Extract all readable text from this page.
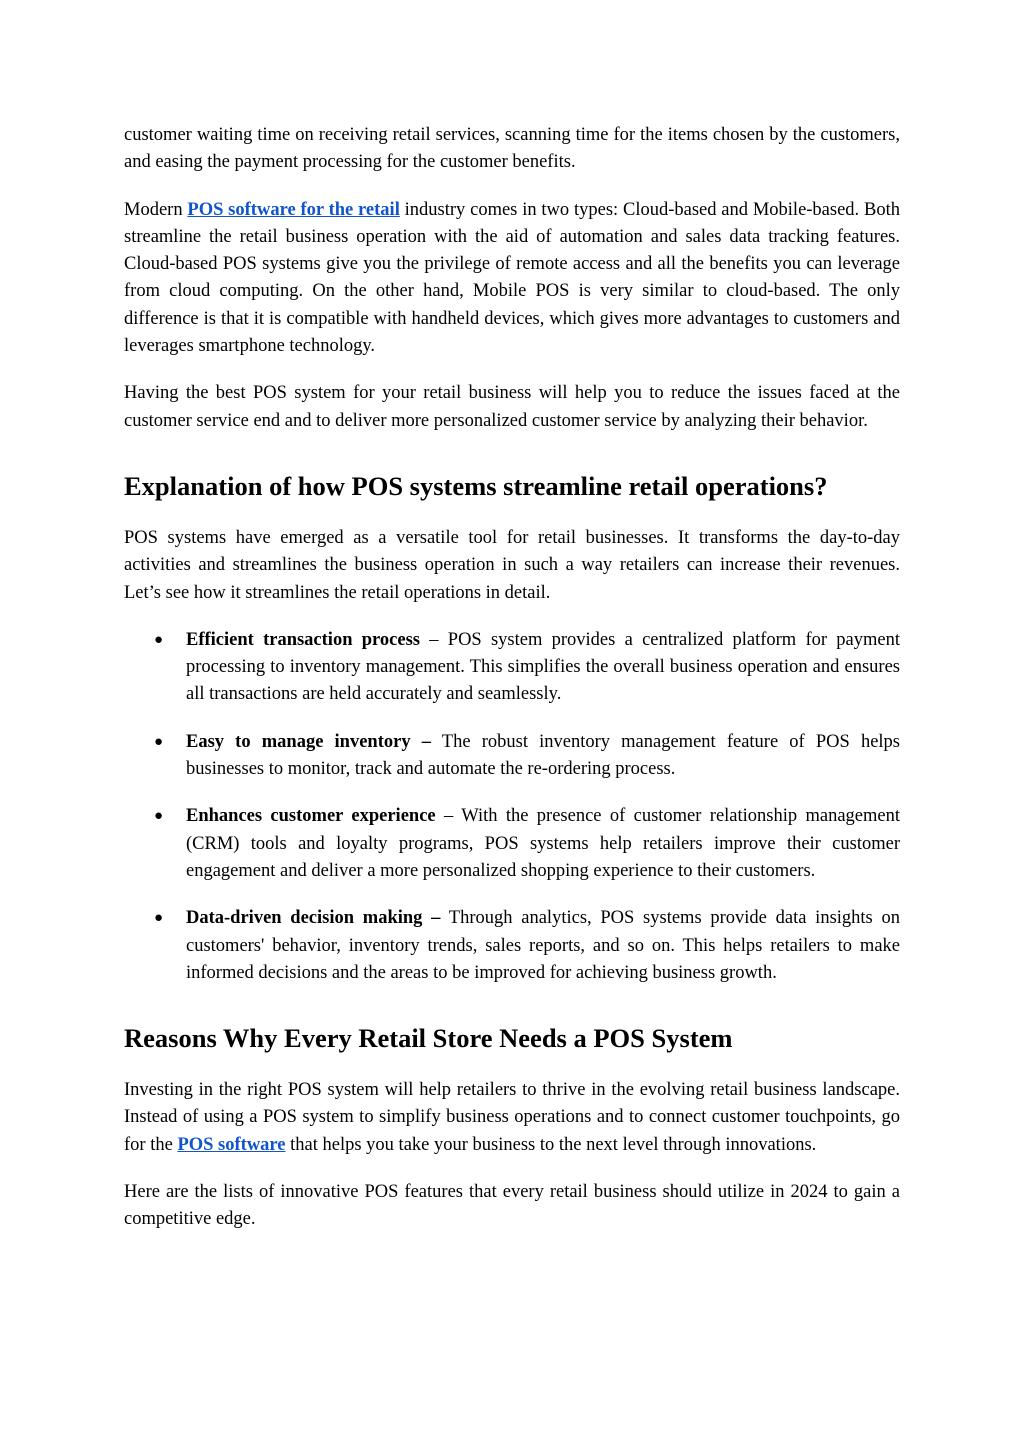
customer waiting time on receiving retail services, scanning time for the items chosen by the customers, and easing the payment processing for the customer benefits.

Modern POS software for the retail industry comes in two types: Cloud-based and Mobile-based. Both streamline the retail business operation with the aid of automation and sales data tracking features. Cloud-based POS systems give you the privilege of remote access and all the benefits you can leverage from cloud computing. On the other hand, Mobile POS is very similar to cloud-based. The only difference is that it is compatible with handheld devices, which gives more advantages to customers and leverages smartphone technology.

Having the best POS system for your retail business will help you to reduce the issues faced at the customer service end and to deliver more personalized customer service by analyzing their behavior.

Explanation of how POS systems streamline retail operations?

POS systems have emerged as a versatile tool for retail businesses. It transforms the day-to-day activities and streamlines the business operation in such a way retailers can increase their revenues. Let’s see how it streamlines the retail operations in detail.

● Efficient transaction process – POS system provides a centralized platform for payment processing to inventory management. This simplifies the overall business operation and ensures all transactions are held accurately and seamlessly.
● Easy to manage inventory – The robust inventory management feature of POS helps businesses to monitor, track and automate the re-ordering process.
● Enhances customer experience – With the presence of customer relationship management (CRM) tools and loyalty programs, POS systems help retailers improve their customer engagement and deliver a more personalized shopping experience to their customers.
● Data-driven decision making – Through analytics, POS systems provide data insights on customers' behavior, inventory trends, sales reports, and so on. This helps retailers to make informed decisions and the areas to be improved for achieving business growth.
Reasons Why Every Retail Store Needs a POS System

Investing in the right POS system will help retailers to thrive in the evolving retail business landscape. Instead of using a POS system to simplify business operations and to connect customer touchpoints, go for the POS software that helps you take your business to the next level through innovations.

Here are the lists of innovative POS features that every retail business should utilize in 2024 to gain a competitive edge.
